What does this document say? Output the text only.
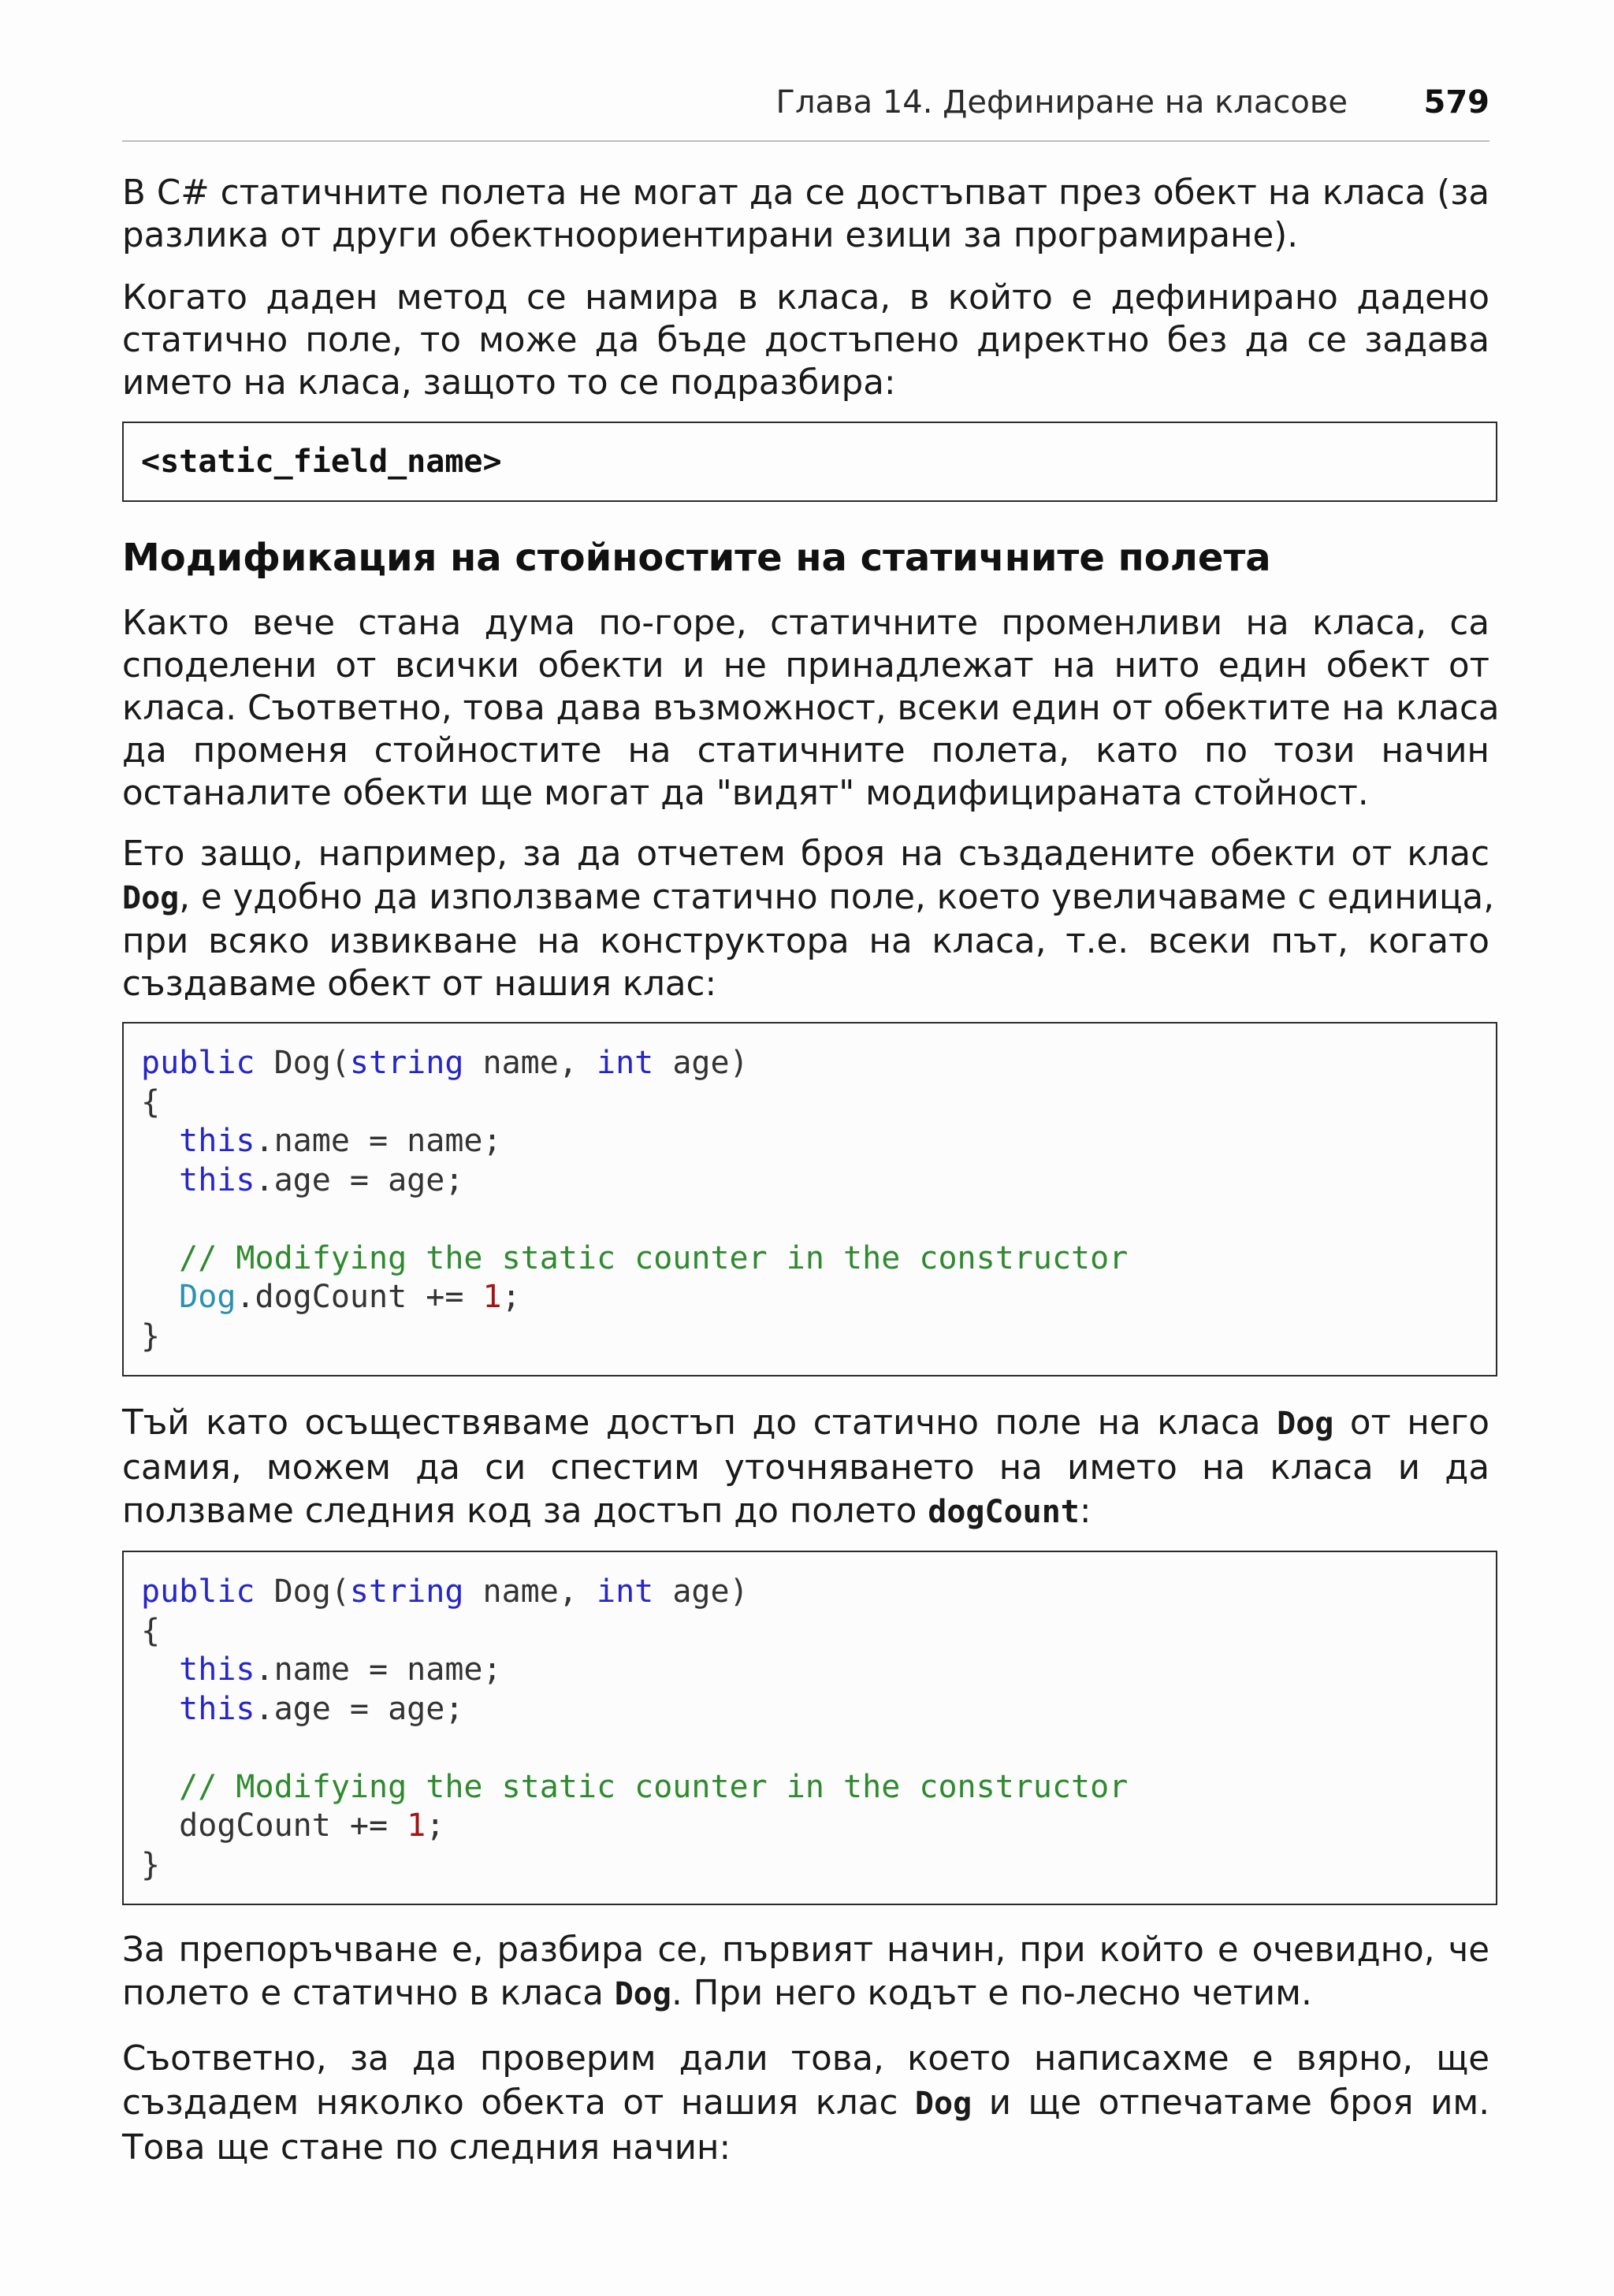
Глава 14. Дефиниране на класове 579
В C# статичните полета не могат да се достъпват през обект на класа (за
разлика от други обектноориентирани езици за програмиране).
Когато даден метод се намира в класа, в който е дефинирано дадено
статично поле, то може да бъде достъпено директно без да се задава
името на класа, защото то се подразбира:
<static_field_name>
Модификация на стойностите на статичните полета
Както вече стана дума по-горе, статичните променливи на класа, са
споделени от всички обекти и не принадлежат на нито един обект от
класа. Съответно, това дава възможност, всеки един от обектите на класа
да променя стойностите на статичните полета, като по този начин
останалите обекти ще могат да "видят" модифицираната стойност.
Ето защо, например, за да отчетем броя на създадените обекти от клас
Dog, е удобно да използваме статично поле, което увеличаваме с единица,
при всяко извикване на конструктора на класа, т.е. всеки път, когато
създаваме обект от нашия клас:
public Dog(string name, int age)
{
this.name = name;
this.age = age;

// Modifying the static counter in the constructor
Dog.dogCount += 1;
}
Тъй като осъществяваме достъп до статично поле на класа Dog от него
самия, можем да си спестим уточняването на името на класа и да
ползваме следния код за достъп до полето dogCount:
public Dog(string name, int age)
{
this.name = name;
this.age = age;

// Modifying the static counter in the constructor
dogCount += 1;
}
За препоръчване е, разбира се, първият начин, при който е очевидно, че
полето е статично в класа Dog. При него кодът е по-лесно четим.
Съответно, за да проверим дали това, което написахме е вярно, ще
създадем няколко обекта от нашия клас Dog и ще отпечатаме броя им.
Това ще стане по следния начин:
